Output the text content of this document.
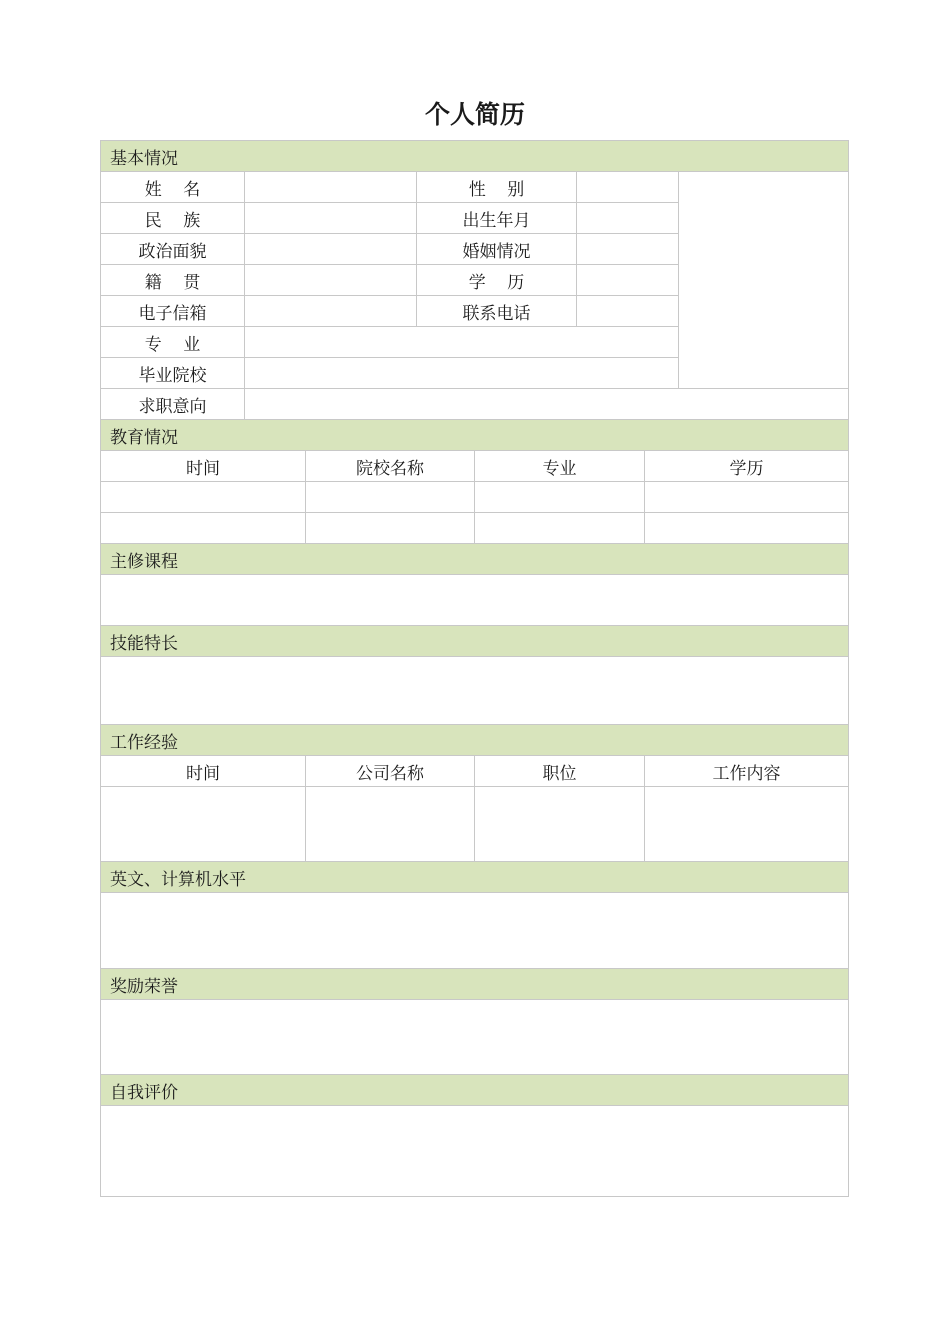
个人简历
基本情况							
姓    名			性    别				
民    族			出生年月				
政治面貌			婚姻情况				
籍    贯			学    历				
电子信箱			联系电话				
专    业							
毕业院校							
求职意向							
教育情况							
时间		院校名称		专业		学历	

主修课程							

技能特长							

工作经验							
时间		公司名称		职位		工作内容	

英文、计算机水平							

奖励荣誉							

自我评价							
